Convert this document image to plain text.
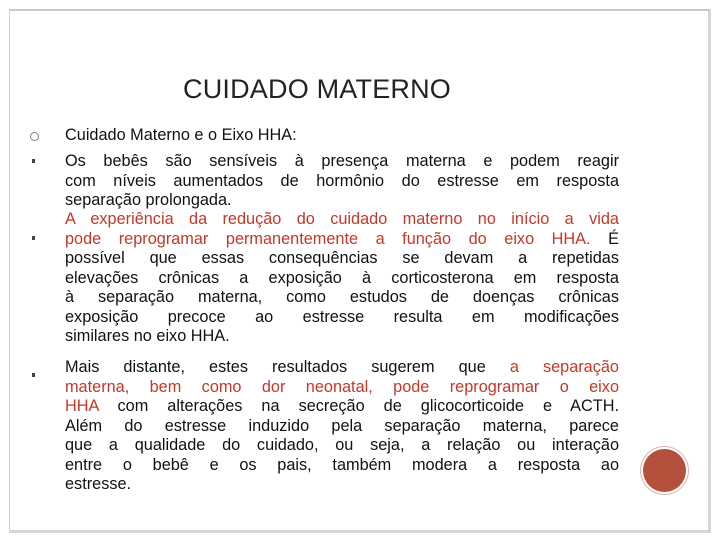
CUIDADO MATERNO
Cuidado Materno e o Eixo HHA:
Os bebês são sensíveis à presença materna e podem reagir
com níveis aumentados de hormônio do estresse em resposta
separação prolongada.
A experiência da redução do cuidado materno no início a vida
pode reprogramar permanentemente a função do eixo HHA. É
possível que essas consequências se devam a repetidas
elevações crônicas a exposição à corticosterona em resposta
à separação materna, como estudos de doenças crônicas
exposição precoce ao estresse resulta em modificações
similares no eixo HHA.
Mais distante, estes resultados sugerem que a separação
materna, bem como dor neonatal, pode reprogramar o eixo
HHA com alterações na secreção de glicocorticoide e ACTH.
Além do estresse induzido pela separação materna, parece
que a qualidade do cuidado, ou seja, a relação ou interação
entre o bebê e os pais, também modera a resposta ao
estresse.
